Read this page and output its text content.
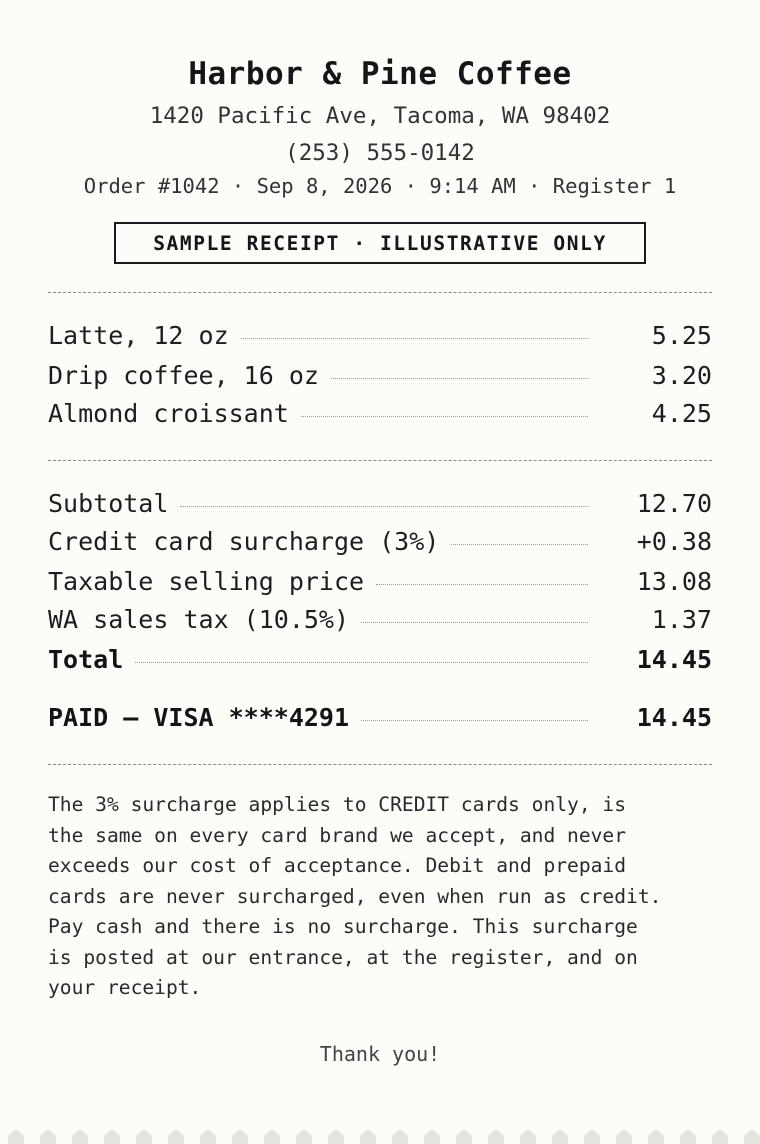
Harbor & Pine Coffee
1420 Pacific Ave, Tacoma, WA 98402
(253) 555-0142
Order #1042 · Sep 8, 2026 · 9:14 AM · Register 1
SAMPLE RECEIPT · ILLUSTRATIVE ONLY
Latte, 12 oz	5.25
Drip coffee, 16 oz	3.20
Almond croissant	4.25
Subtotal	12.70
Credit card surcharge (3%)	+0.38
Taxable selling price	13.08
WA sales tax (10.5%)	1.37
Total	14.45
PAID — VISA ****4291	14.45
The 3% surcharge applies to CREDIT cards only, is
the same on every card brand we accept, and never
exceeds our cost of acceptance. Debit and prepaid
cards are never surcharged, even when run as credit.
Pay cash and there is no surcharge. This surcharge
is posted at our entrance, at the register, and on
your receipt.
Thank you!
